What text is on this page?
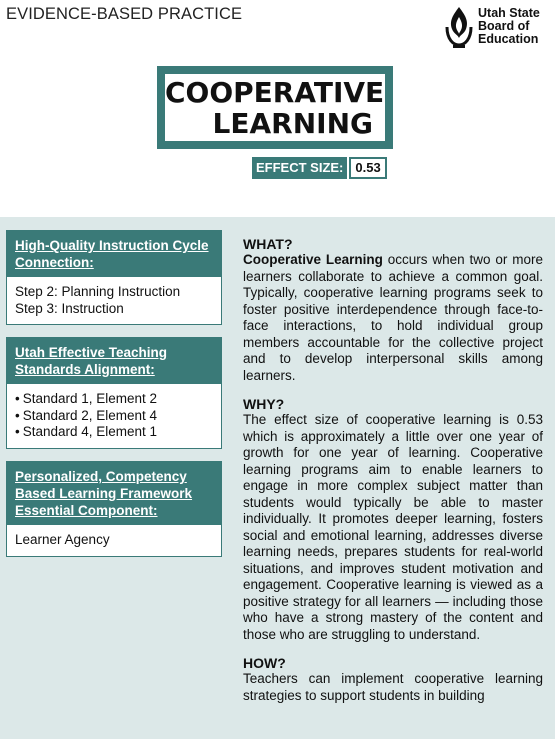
EVIDENCE-BASED PRACTICE	Utah State
Board of
Education
COOPERATIVE
LEARNING
EFFECT SIZE: 0.53
High-Quality Instruction Cycle Connection:
Step 2: Planning Instruction
Step 3: Instruction
Utah Effective Teaching Standards Alignment:
• Standard 1, Element 2
• Standard 2, Element 4
• Standard 4, Element 1
Personalized, Competency Based Learning Framework Essential Component:
Learner Agency

WHAT?

Cooperative Learning occurs when two or more learners collaborate to achieve a common goal. Typically, cooperative learning programs seek to foster positive interdependence through face-to-face interactions, to hold individual group members accountable for the collective project and to develop interpersonal skills among learners.

WHY?

The effect size of cooperative learning is 0.53 which is approximately a little over one year of growth for one year of learning. Cooperative learning programs aim to enable learners to engage in more complex subject matter than students would typically be able to master individually. It promotes deeper learning, fosters social and emotional learning, addresses diverse learning needs, prepares students for real-world situations, and improves student motivation and engagement. Cooperative learning is viewed as a positive strategy for all learners — including those who have a strong mastery of the content and those who are struggling to understand.

HOW?

Teachers can implement cooperative learning strategies to support students in building
